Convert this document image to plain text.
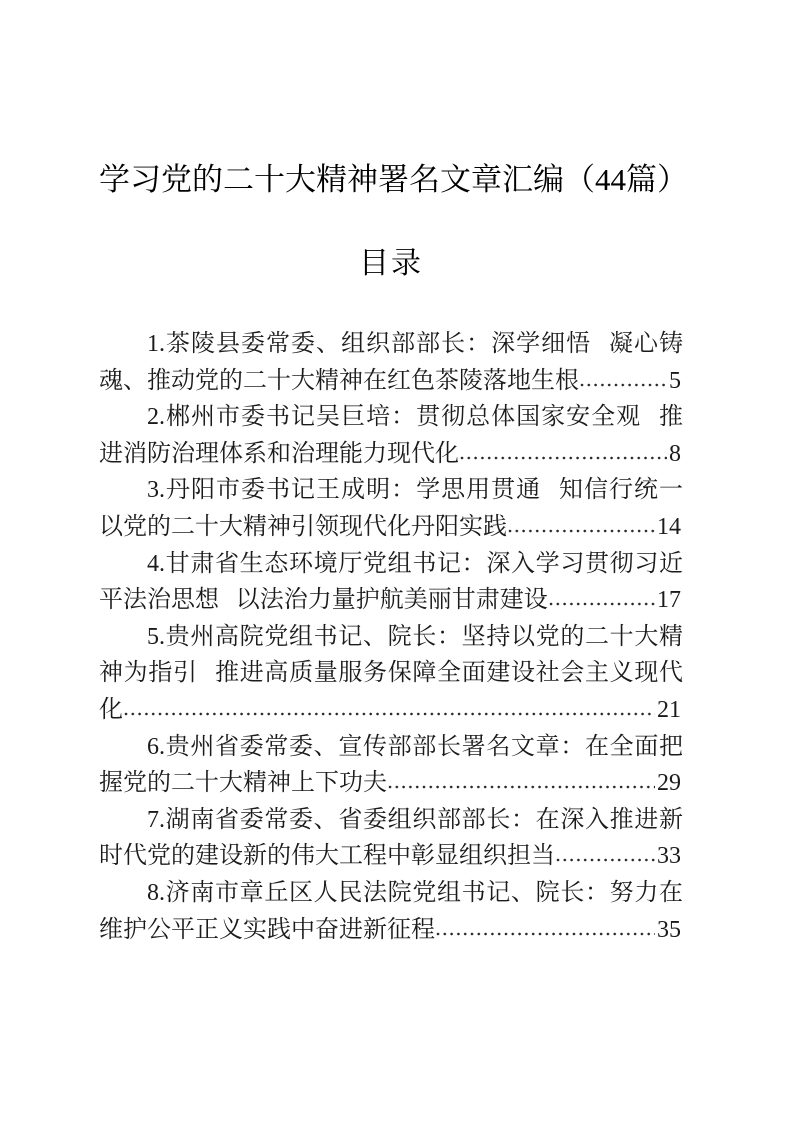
学习党的二十大精神署名文章汇编（44篇）
目录
1.茶陵县委常委、组织部部长：深学细悟 凝心铸魂、推动党的二十大精神在红色茶陵落地生根	5
2.郴州市委书记吴巨培：贯彻总体国家安全观 推进消防治理体系和治理能力现代化	8
3.丹阳市委书记王成明：学思用贯通 知信行统一 以党的二十大精神引领现代化丹阳实践	14
4.甘肃省生态环境厅党组书记：深入学习贯彻习近平法治思想 以法治力量护航美丽甘肃建设	17
5.贵州高院党组书记、院长：坚持以党的二十大精神为指引 推进高质量服务保障全面建设社会主义现代化	21
6.贵州省委常委、宣传部部长署名文章：在全面把握党的二十大精神上下功夫	29
7.湖南省委常委、省委组织部部长：在深入推进新时代党的建设新的伟大工程中彰显组织担当	33
8.济南市章丘区人民法院党组书记、院长：努力在维护公平正义实践中奋进新征程	35
